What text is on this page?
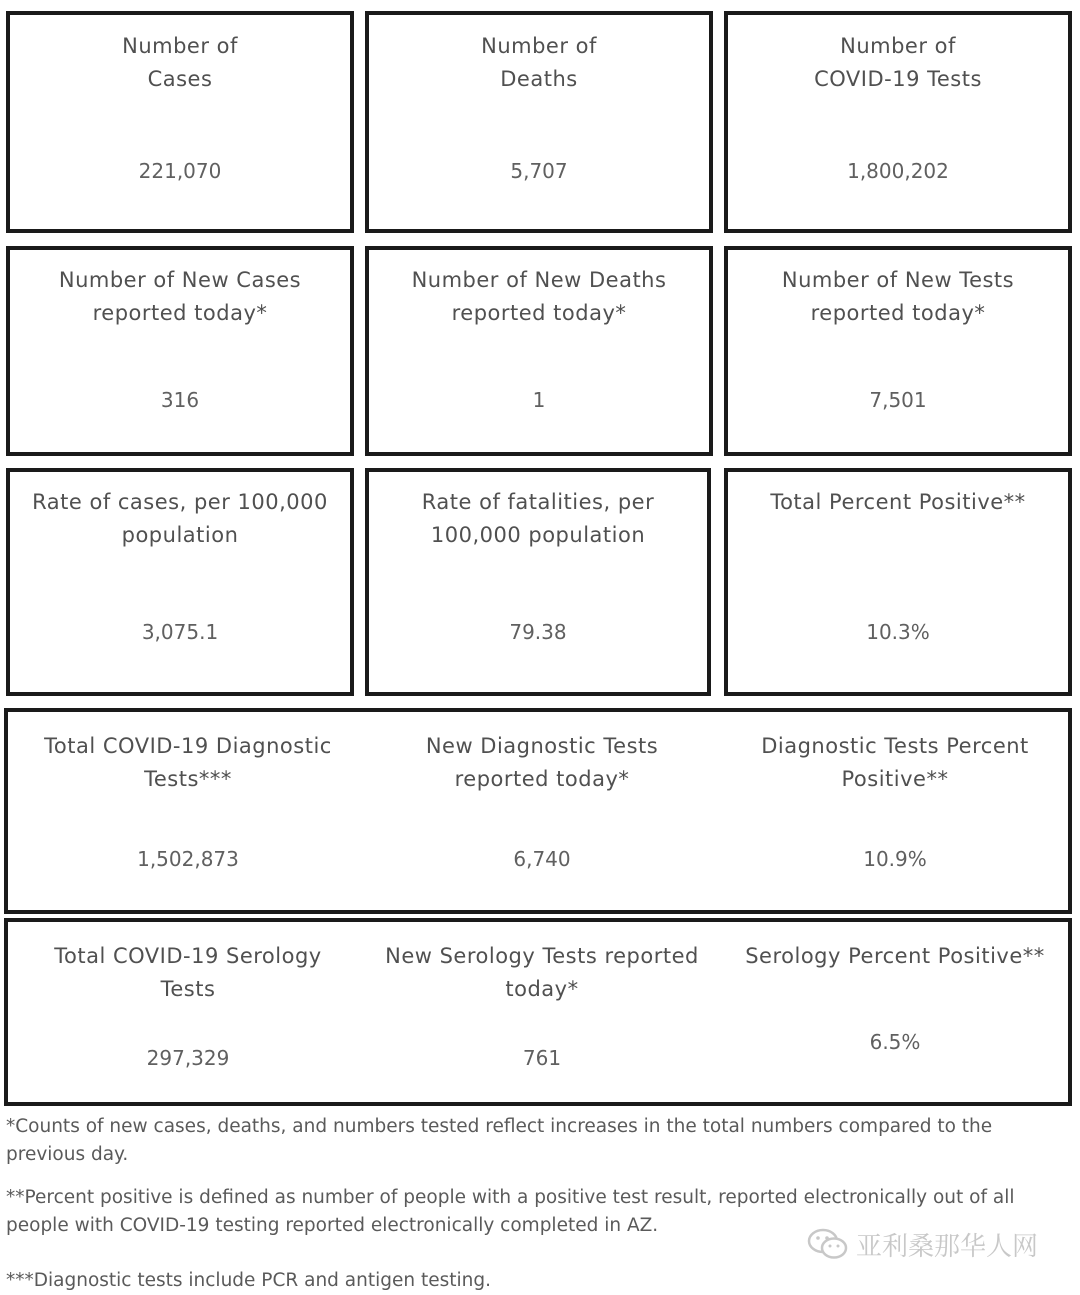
Number of
Cases
221,070
Number of
Deaths
5,707
Number of
COVID-19 Tests
1,800,202
Number of New Cases
reported today*
316
Number of New Deaths
reported today*
1
Number of New Tests
reported today*
7,501
Rate of cases, per 100,000
population
3,075.1
Rate of fatalities, per
100,000 population
79.38
Total Percent Positive**
10.3%
Total COVID-19 Diagnostic
Tests***
1,502,873
New Diagnostic Tests
reported today*
6,740
Diagnostic Tests Percent
Positive**
10.9%
Total COVID-19 Serology
Tests
297,329
New Serology Tests reported
today*
761
Serology Percent Positive**
6.5%
*Counts of new cases, deaths, and numbers tested reflect increases in the total numbers compared to the previous day.
**Percent positive is defined as number of people with a positive test result, reported electronically out of all people with COVID-19 testing reported electronically completed in AZ.
***Diagnostic tests include PCR and antigen testing.
亚利桑那华人网
